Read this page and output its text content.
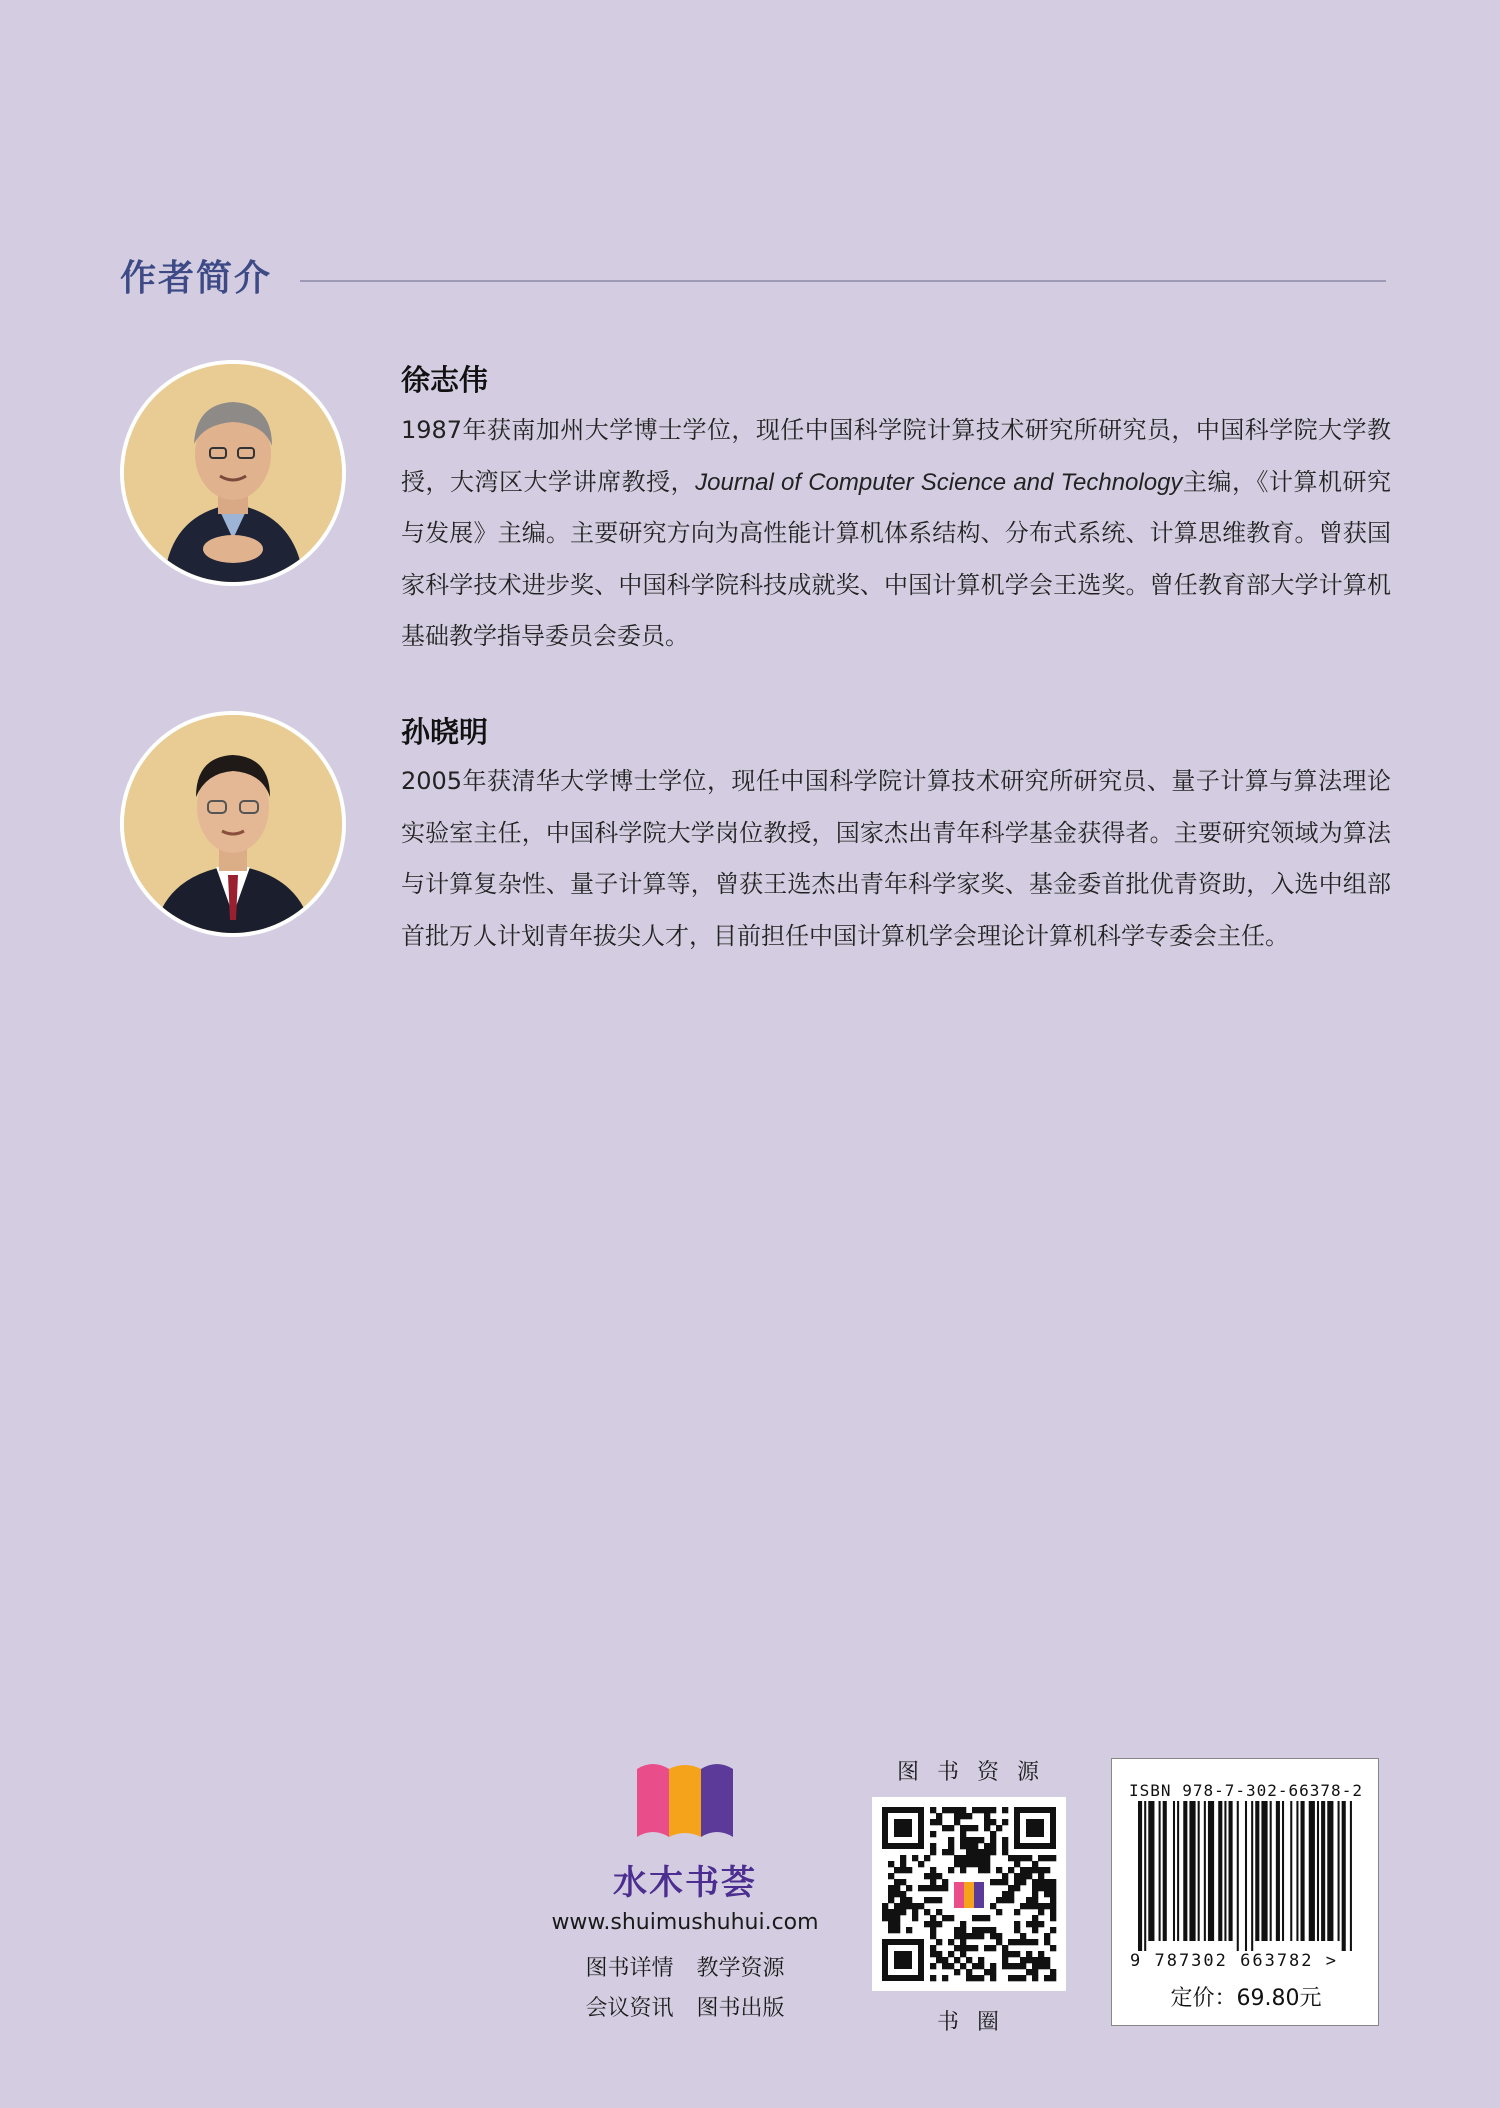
作者简介
徐志伟
1987年获南加州大学博士学位，现任中国科学院计算技术研究所研究员，中国科学院大学教授，大湾区大学讲席教授，Journal of Computer Science and Technology主编，《计算机研究与发展》主编。主要研究方向为高性能计算机体系结构、分布式系统、计算思维教育。曾获国家科学技术进步奖、中国科学院科技成就奖、中国计算机学会王选奖。曾任教育部大学计算机基础教学指导委员会委员。
孙晓明
2005年获清华大学博士学位，现任中国科学院计算技术研究所研究员、量子计算与算法理论实验室主任，中国科学院大学岗位教授，国家杰出青年科学基金获得者。主要研究领域为算法与计算复杂性、量子计算等，曾获王选杰出青年科学家奖、基金委首批优青资助，入选中组部首批万人计划青年拔尖人才，目前担任中国计算机学会理论计算机科学专委会主任。
水木书荟
www.shuimushuhui.com
图书详情 教学资源
会议资讯 图书出版
图书资源
书圈
ISBN 978-7-302-66378-2
9 787302 663782 >
定价：69.80元
